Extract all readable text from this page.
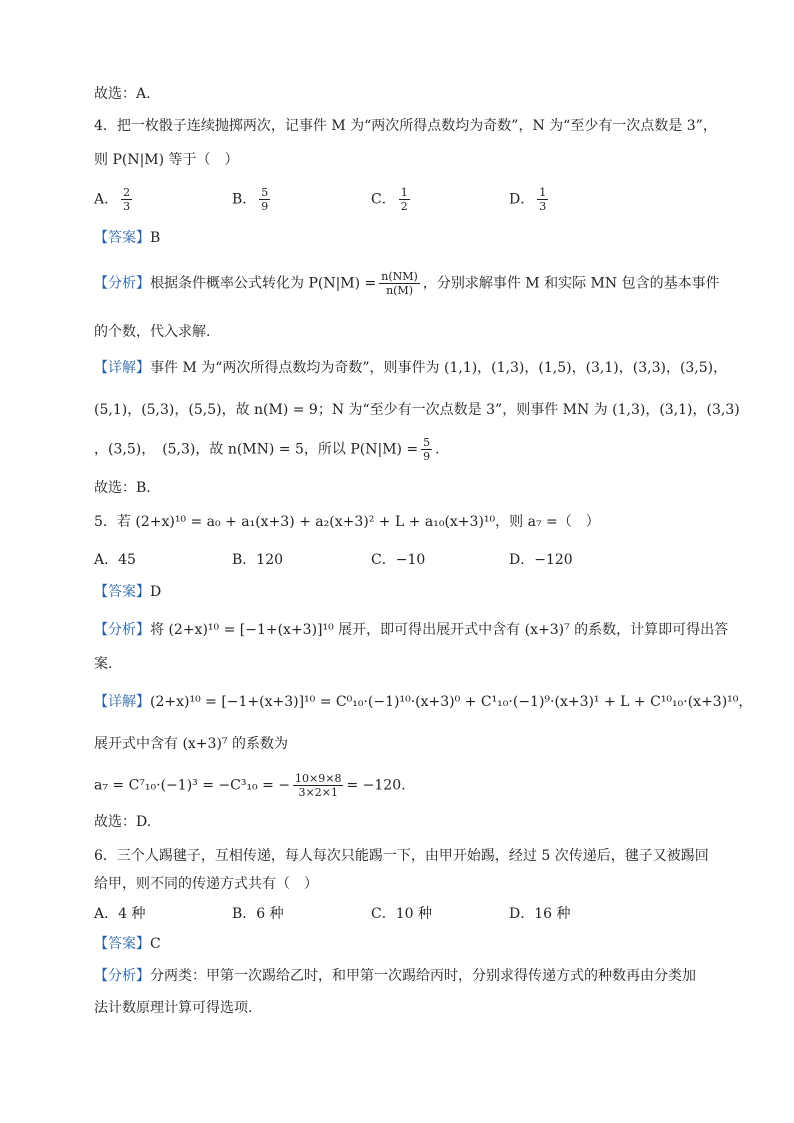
故选：A.
4．把一枚骰子连续抛掷两次，记事件 M 为“两次所得点数均为奇数”，N 为“至少有一次点数是 3”，
则 P(N|M) 等于（　）
A． $\frac{2}{3}$	B． $\frac{5}{9}$	C． $\frac{1}{2}$	D． $\frac{1}{3}$
【答案】B
【分析】根据条件概率公式转化为 $P(N|M) = \frac{n(NM)}{n(M)}$ ，分别求解事件 M 和实际 MN 包含的基本事件
的个数，代入求解.
【详解】事件 M 为“两次所得点数均为奇数”，则事件为 (1,1)，(1,3)，(1,5)，(3,1)，(3,3)，(3,5)，
(5,1)，(5,3)，(5,5)，故 n(M) = 9；N 为“至少有一次点数是 3”，则事件 MN 为 (1,3)，(3,1)，(3,3)
，(3,5)，　(5,3)，故 n(MN) = 5，所以 $P(N|M) = \frac{5}{9}$ .
故选：B.
5．若 (2+x)¹⁰ = a₀ + a₁(x+3) + a₂(x+3)² + L + a₁₀(x+3)¹⁰，则 a₇ =（　）
A．45	B．120	C．−10	D．−120
【答案】D
【分析】将 (2+x)¹⁰ = [−1+(x+3)]¹⁰ 展开，即可得出展开式中含有 (x+3)⁷ 的系数，计算即可得出答
案.
【详解】(2+x)¹⁰ = [−1+(x+3)]¹⁰ = C⁰₁₀·(−1)¹⁰·(x+3)⁰ + C¹₁₀·(−1)⁹·(x+3)¹ + L + C¹⁰₁₀·(x+3)¹⁰，
展开式中含有 (x+3)⁷ 的系数为
a₇ = C⁷₁₀·(−1)³ = −C³₁₀ = − $\frac{10\times 9\times 8}{3\times 2\times 1} = -120$.
故选：D.
6．三个人踢毽子，互相传递，每人每次只能踢一下，由甲开始踢，经过 5 次传递后，毽子又被踢回
给甲，则不同的传递方式共有（　）
A．4 种	B．6 种	C．10 种	D．16 种
【答案】C
【分析】分两类：甲第一次踢给乙时，和甲第一次踢给丙时，分别求得传递方式的种数再由分类加
法计数原理计算可得选项.
